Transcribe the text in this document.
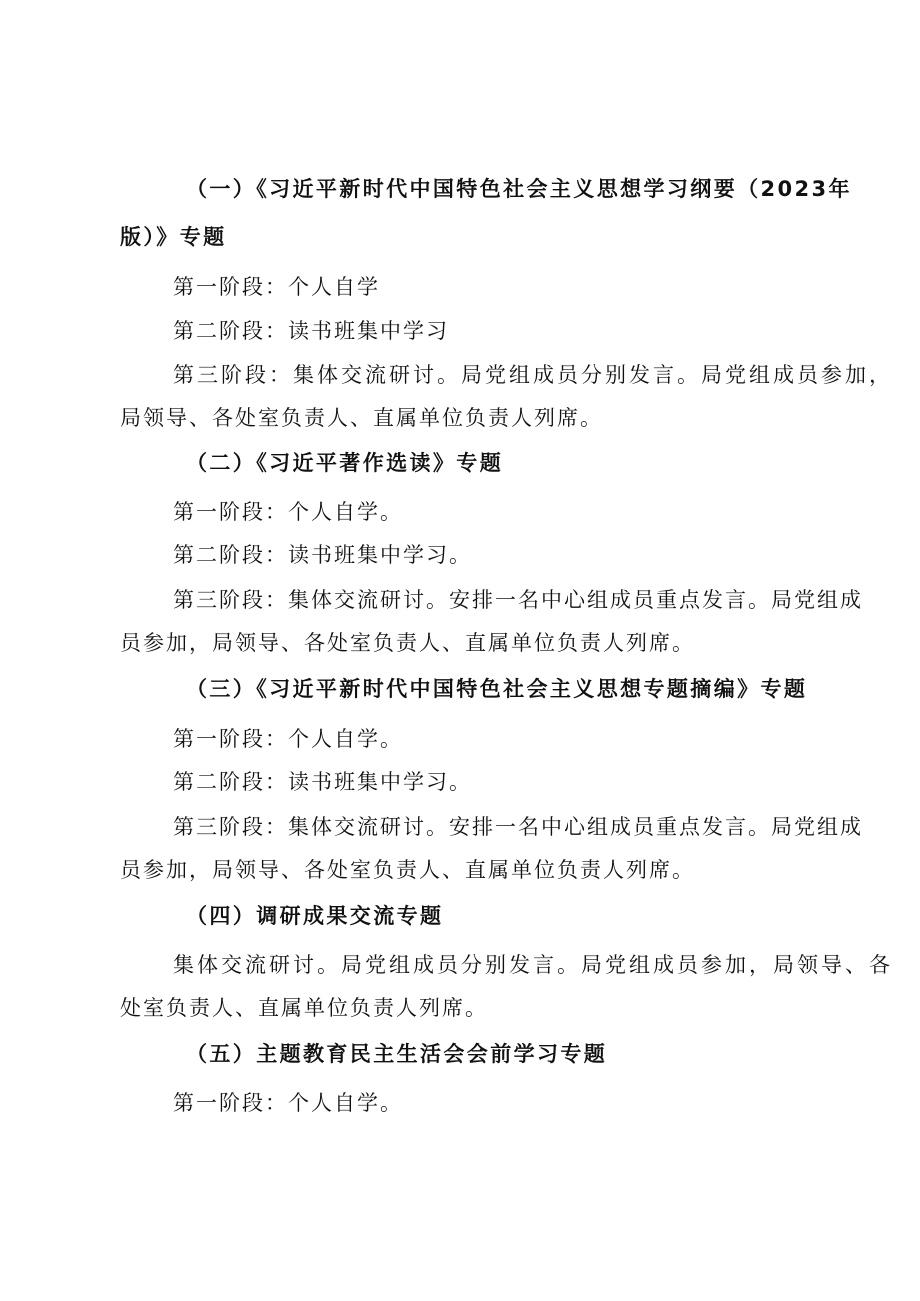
（一）《习近平新时代中国特色社会主义思想学习纲要（2023年
版）》专题
第一阶段：个人自学
第二阶段：读书班集中学习
第三阶段：集体交流研讨。局党组成员分别发言。局党组成员参加，
局领导、各处室负责人、直属单位负责人列席。
（二）《习近平著作选读》专题
第一阶段：个人自学。
第二阶段：读书班集中学习。
第三阶段：集体交流研讨。安排一名中心组成员重点发言。局党组成
员参加，局领导、各处室负责人、直属单位负责人列席。
（三）《习近平新时代中国特色社会主义思想专题摘编》专题
第一阶段：个人自学。
第二阶段：读书班集中学习。
第三阶段：集体交流研讨。安排一名中心组成员重点发言。局党组成
员参加，局领导、各处室负责人、直属单位负责人列席。
（四）调研成果交流专题
集体交流研讨。局党组成员分别发言。局党组成员参加，局领导、各
处室负责人、直属单位负责人列席。
（五）主题教育民主生活会会前学习专题
第一阶段：个人自学。
